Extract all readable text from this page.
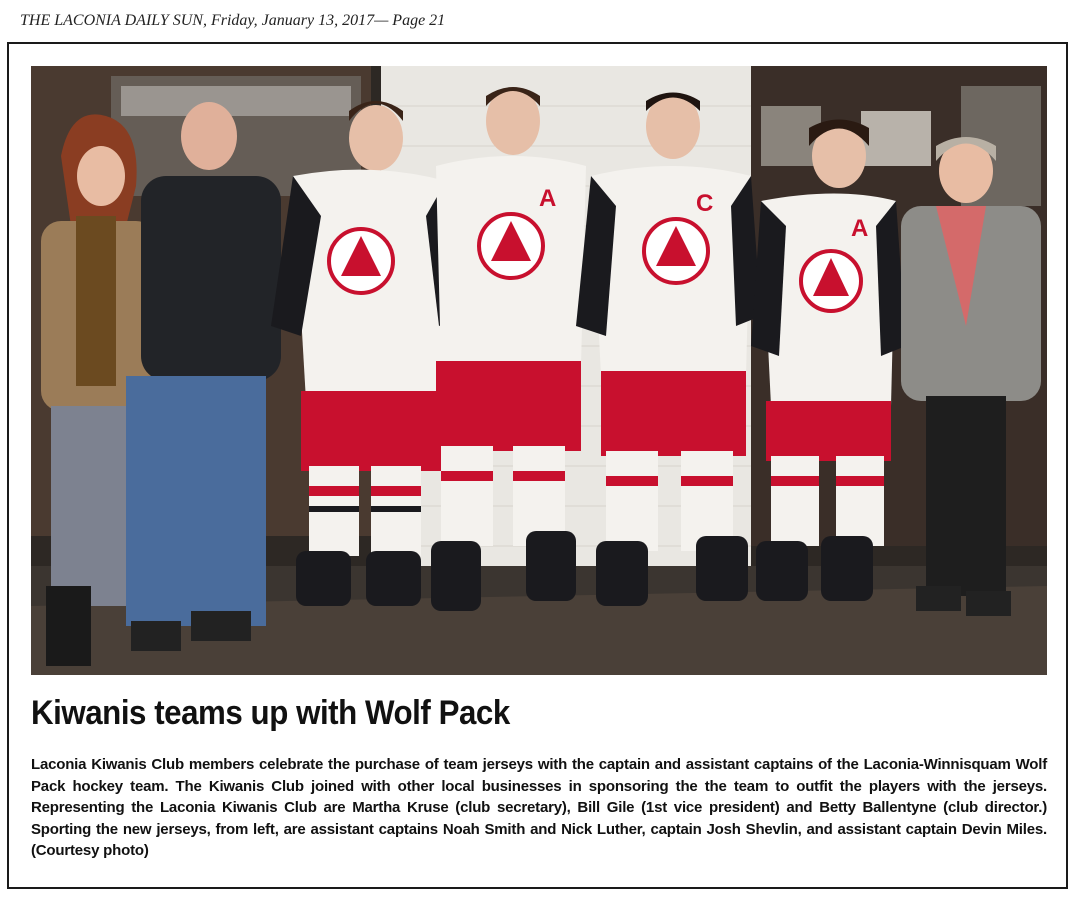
THE LACONIA DAILY SUN, Friday, January 13, 2017— Page 21
A	C
A
Kiwanis teams up with Wolf Pack

Laconia Kiwanis Club members celebrate the purchase of team jerseys with the captain and assistant captains of the Laconia-Winnisquam Wolf Pack hockey team. The Kiwanis Club joined with other local businesses in sponsoring the the team to outfit the players with the jerseys. Representing the Laconia Kiwanis Club are Martha Kruse (club secretary), Bill Gile (1st vice president) and Betty Ballentyne (club director.) Sporting the new jerseys, from left, are assistant captains Noah Smith and Nick Luther, captain Josh Shevlin, and assistant captain Devin Miles. (Courtesy photo)
